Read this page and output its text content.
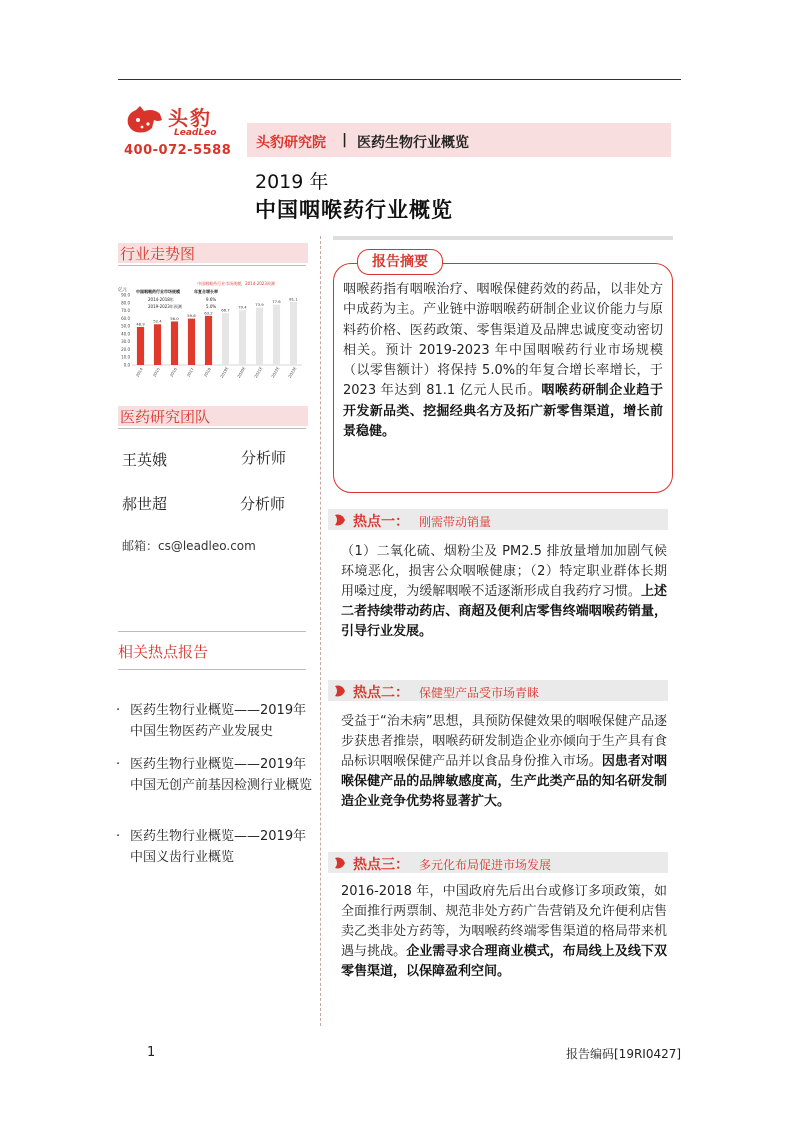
头豹
LeadLeo
400-072-5588 头豹研究院 | 医药生物行业概览
2019 年
中国咽喉药行业概览
行业走势图
中国咽喉药行业市场规模，2014-2023预测
亿元 中国咽喉药行业市场规模
2014-2018年
2019-2023年预测
年复合增长率
9.6%
5.0%
0.0
10.0
20.0
30.0
40.0
50.0
60.0
70.0
80.0
90.0
48.9
2014
52.4
2015
56.0
2016
59.6
2017
63.2
2018
66.7
2019E
70.4
2020E
73.9
2021E
77.6
2022E
81.1
2023E
医药研究团队
王英娥	分析师
郝世超	分析师
邮箱：cs@leadleo.com
相关热点报告
· 医药生物行业概览——2019年中国生物医药产业发展史
· 医药生物行业概览——2019年中国无创产前基因检测行业概览
· 医药生物行业概览——2019年中国义齿行业概览
报告摘要
咽喉药指有咽喉治疗、咽喉保健药效的药品，以非处方中成药为主。产业链中游咽喉药研制企业议价能力与原料药价格、医药政策、零售渠道及品牌忠诚度变动密切相关。预计 2019-2023 年中国咽喉药行业市场规模（以零售额计）将保持 5.0%的年复合增长率增长，于 2023 年达到 81.1 亿元人民币。咽喉药研制企业趋于开发新品类、挖掘经典名方及拓广新零售渠道，增长前景稳健。
热点一： 刚需带动销量
（1）二氧化硫、烟粉尘及 PM2.5 排放量增加加剧气候环境恶化，损害公众咽喉健康；（2）特定职业群体长期用嗓过度，为缓解咽喉不适逐渐形成自我药疗习惯。上述二者持续带动药店、商超及便利店零售终端咽喉药销量，引导行业发展。
热点二： 保健型产品受市场青睐
受益于“治未病”思想，具预防保健效果的咽喉保健产品逐步获患者推崇，咽喉药研发制造企业亦倾向于生产具有食品标识咽喉保健产品并以食品身份推入市场。因患者对咽喉保健产品的品牌敏感度高，生产此类产品的知名研发制造企业竞争优势将显著扩大。
热点三： 多元化布局促进市场发展
2016-2018 年，中国政府先后出台或修订多项政策，如全面推行两票制、规范非处方药广告营销及允许便利店售卖乙类非处方药等，为咽喉药终端零售渠道的格局带来机遇与挑战。企业需寻求合理商业模式，布局线上及线下双零售渠道，以保障盈利空间。
1	报告编码[19RI0427]
